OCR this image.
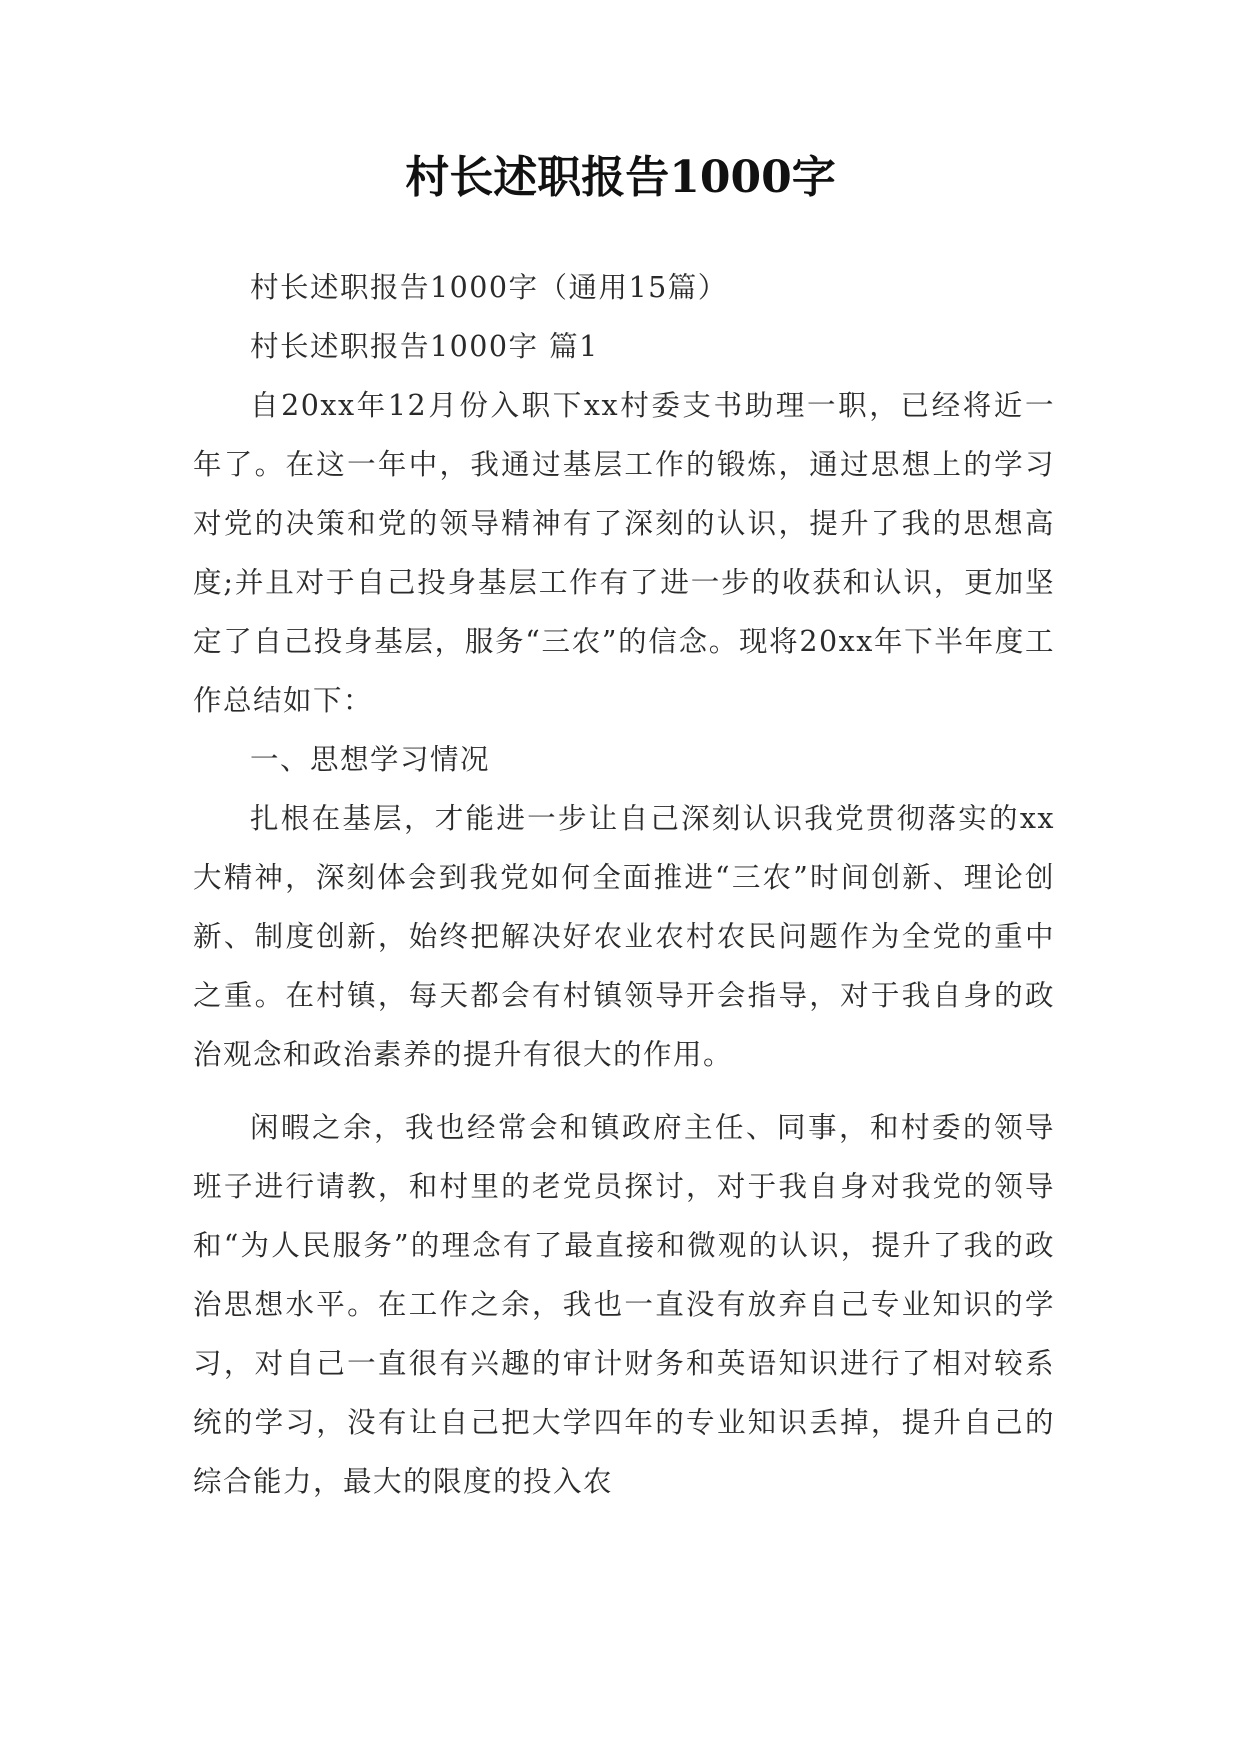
村长述职报告1000字

村长述职报告1000字（通用15篇）

村长述职报告1000字 篇1

自20xx年12月份入职下xx村委支书助理一职，已经将近一年了。在这一年中，我通过基层工作的锻炼，通过思想上的学习对党的决策和党的领导精神有了深刻的认识，提升了我的思想高度;并且对于自己投身基层工作有了进一步的收获和认识，更加坚定了自己投身基层，服务“三农”的信念。现将20xx年下半年度工作总结如下：

一、思想学习情况

扎根在基层，才能进一步让自己深刻认识我党贯彻落实的xx大精神，深刻体会到我党如何全面推进“三农”时间创新、理论创新、制度创新，始终把解决好农业农村农民问题作为全党的重中之重。在村镇，每天都会有村镇领导开会指导，对于我自身的政治观念和政治素养的提升有很大的作用。

闲暇之余，我也经常会和镇政府主任、同事，和村委的领导班子进行请教，和村里的老党员探讨，对于我自身对我党的领导和“为人民服务”的理念有了最直接和微观的认识，提升了我的政治思想水平。在工作之余，我也一直没有放弃自己专业知识的学习，对自己一直很有兴趣的审计财务和英语知识进行了相对较系统的学习，没有让自己把大学四年的专业知识丢掉，提升自己的综合能力，最大的限度的投入农
